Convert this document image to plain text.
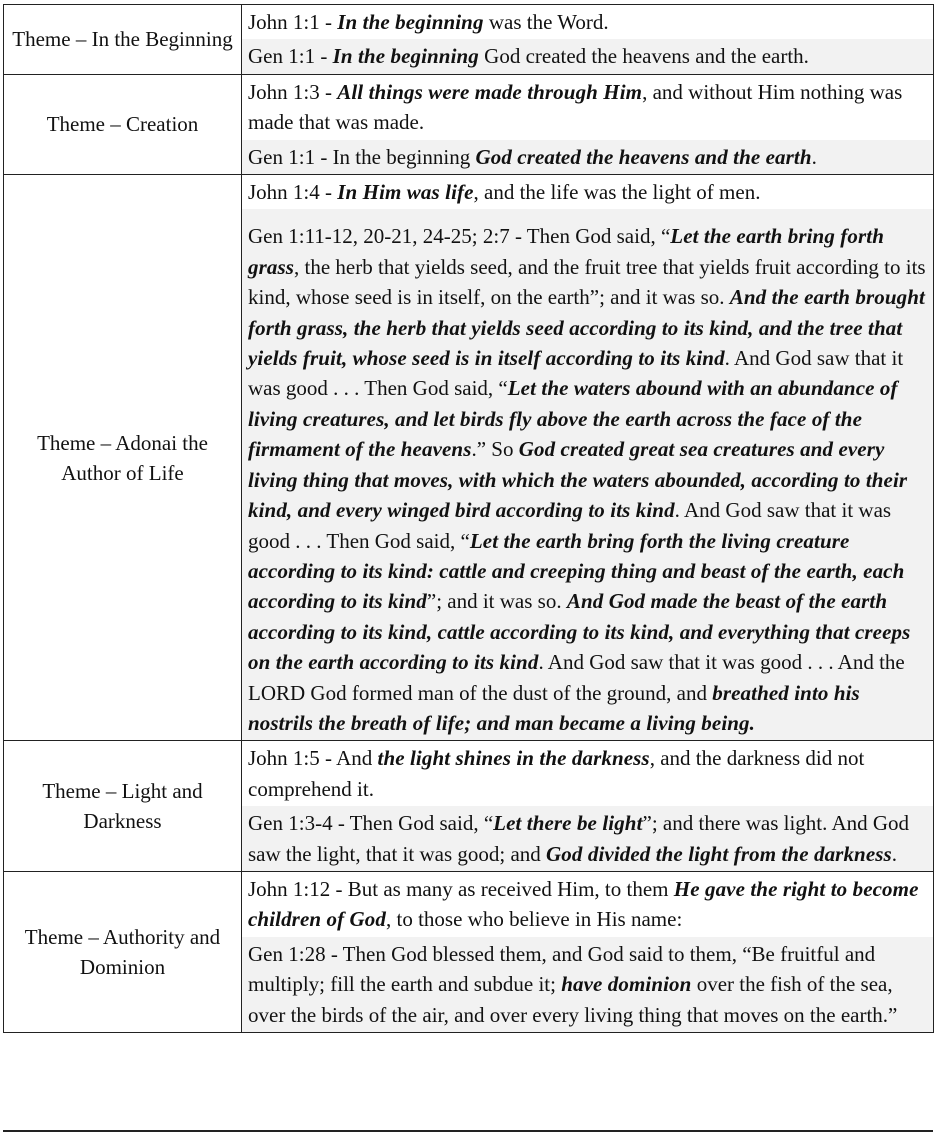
Theme – In the Beginning	John 1:1 - In the beginning was the Word.
Gen 1:1 - In the beginning God created the heavens and the earth.

Theme – Creation	John 1:3 - All things were made through Him, and without Him nothing was made that was made.
Gen 1:1 - In the beginning God created the heavens and the earth.

Theme – Adonai the Author of Life	John 1:4 - In Him was life, and the life was the light of men.
Gen 1:11-12, 20-21, 24-25; 2:7 - Then God said, “Let the earth bring forth grass, the herb that yields seed, and the fruit tree that yields fruit according to its kind, whose seed is in itself, on the earth”; and it was so. And the earth brought forth grass, the herb that yields seed according to its kind, and the tree that yields fruit, whose seed is in itself according to its kind. And God saw that it was good . . . Then God said, “Let the waters abound with an abundance of living creatures, and let birds fly above the earth across the face of the firmament of the heavens.” So God created great sea creatures and every living thing that moves, with which the waters abounded, according to their kind, and every winged bird according to its kind. And God saw that it was good . . . Then God said, “Let the earth bring forth the living creature according to its kind: cattle and creeping thing and beast of the earth, each according to its kind”; and it was so. And God made the beast of the earth according to its kind, cattle according to its kind, and everything that creeps on the earth according to its kind. And God saw that it was good . . . And the LORD God formed man of the dust of the ground, and breathed into his nostrils the breath of life; and man became a living being.

Theme – Light and Darkness	John 1:5 - And the light shines in the darkness, and the darkness did not comprehend it.
Gen 1:3-4 - Then God said, “Let there be light”; and there was light. And God saw the light, that it was good; and God divided the light from the darkness.

Theme – Authority and Dominion	John 1:12 - But as many as received Him, to them He gave the right to become children of God, to those who believe in His name:
Gen 1:28 - Then God blessed them, and God said to them, “Be fruitful and multiply; fill the earth and subdue it; have dominion over the fish of the sea, over the birds of the air, and over every living thing that moves on the earth.”
